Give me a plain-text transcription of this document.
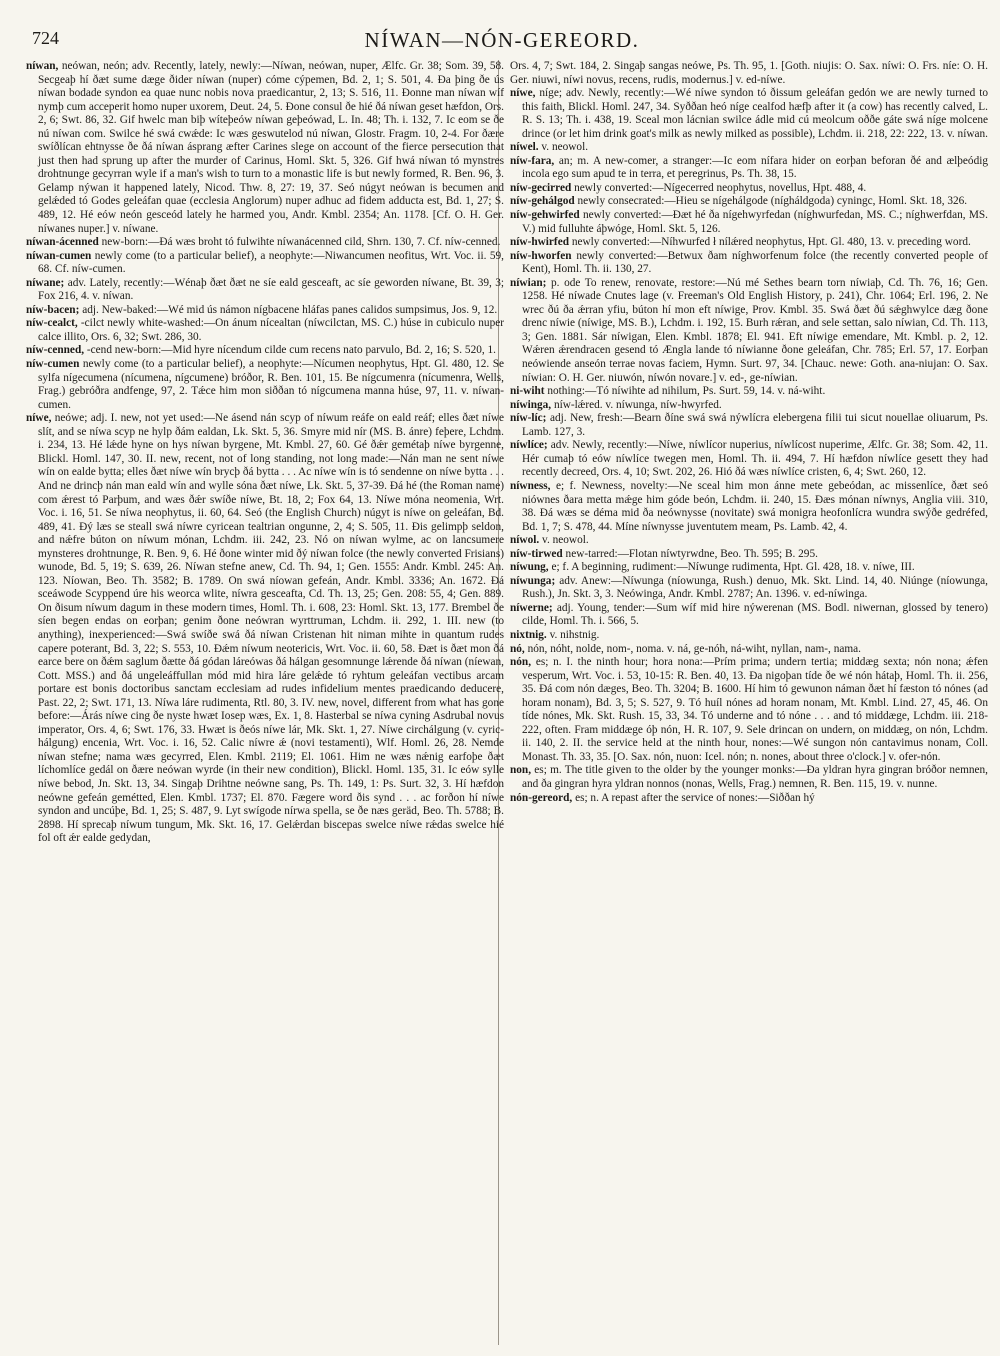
724	NÍWAN—NÓN-GEREORD.

níwan, neówan, neón; adv. Recently, lately, newly:—Níwan, neówan, nuper, Ælfc. Gr. 38; Som. 39, 58. Secgeaþ hí ðæt sume dæge ðider níwan (nuper) cóme cýpemen, Bd. 2, 1; S. 501, 4. Ða þing ðe ús níwan bodade syndon ea quae nunc nobis nova praedicantur, 2, 13; S. 516, 11. Ðonne man níwan wíf nymþ cum acceperit homo nuper uxorem, Deut. 24, 5. Ðone consul ðe hié ðá níwan geset hæfdon, Ors. 2, 6; Swt. 86, 32. Gif hwelc man biþ wíteþeów níwan geþeówad, L. In. 48; Th. i. 132, 7. Ic eom se ðe nú níwan com. Swilce hé swá cwǽde: Ic wæs geswutelod nú níwan, Glostr. Fragm. 10, 2-4. For ðære swíðlícan ehtnysse ðe ðá níwan ásprang æfter Carines slege on account of the fierce persecution that just then had sprung up after the murder of Carinus, Homl. Skt. 5, 326. Gif hwá níwan tó mynstres drohtnunge gecyrran wyle if a man's wish to turn to a monastic life is but newly formed, R. Ben. 96, 3. Gelamp nýwan it happened lately, Nicod. Thw. 8, 27: 19, 37. Seó núgyt neówan is becumen and gelǽded tó Godes geleáfan quae (ecclesia Anglorum) nuper adhuc ad fidem adducta est, Bd. 1, 27; S. 489, 12. Hé eów neón gesceód lately he harmed you, Andr. Kmbl. 2354; An. 1178. [Cf. O. H. Ger. níwanes nuper.] v. níwane.

níwan-ácenned new-born:—Ðá wæs broht tó fulwihte níwanácenned cild, Shrn. 130, 7. Cf. níw-cenned.

níwan-cumen newly come (to a particular belief), a neophyte:—Niwancumen neofitus, Wrt. Voc. ii. 59, 68. Cf. níw-cumen.

níwane; adv. Lately, recently:—Wénaþ ðæt ðæt ne síe eald gesceaft, ac síe geworden níwane, Bt. 39, 3; Fox 216, 4. v. níwan.

níw-bacen; adj. New-baked:—Wé mid ús námon nígbacene hláfas panes calidos sumpsimus, Jos. 9, 12.

níw-cealct, -cilct newly white-washed:—On ánum nícealtan (níwcilctan, MS. C.) húse in cubiculo nuper calce illito, Ors. 6, 32; Swt. 286, 30.

níw-cenned, -cend new-born:—Mid hyre nícendum cilde cum recens nato parvulo, Bd. 2, 16; S. 520, 1.

níw-cumen newly come (to a particular belief), a neophyte:—Nícumen neophytus, Hpt. Gl. 480, 12. Se sylfa nígecumena (nícumena, nígcumene) bróðor, R. Ben. 101, 15. Be nígcumenra (nícumenra, Wells, Frag.) gebróðra andfenge, 97, 2. Tǽce him mon siððan tó nígcumena manna húse, 97, 11. v. níwan-cumen.

níwe, neówe; adj. I. new, not yet used:—Ne ásend nán scyp of níwum reáfe on eald reáf; elles ðæt níwe slít, and se níwa scyp ne hylp ðám ealdan, Lk. Skt. 5, 36. Smyre mid nír (MS. B. ánre) feþere, Lchdm. i. 234, 13. Hé lǽde hyne on hys níwan byrgene, Mt. Kmbl. 27, 60. Gé ðǽr gemétaþ níwe byrgenne, Blickl. Homl. 147, 30. II. new, recent, not of long standing, not long made:—Nán man ne sent níwe wín on ealde bytta; elles ðæt níwe wín brycþ ðá bytta . . . Ac níwe wín is tó sendenne on níwe bytta . . . And ne drincþ nán man eald wín and wylle sóna ðæt níwe, Lk. Skt. 5, 37-39. Ðá hé (the Roman name) com ǽrest tó Parþum, and wæs ðǽr swíðe níwe, Bt. 18, 2; Fox 64, 13. Níwe móna neomenia, Wrt. Voc. i. 16, 51. Se níwa neophytus, ii. 60, 64. Seó (the English Church) núgyt is níwe on geleáfan, Bd. 489, 41. Ðý læs se steall swá níwre cyricean tealtrian ongunne, 2, 4; S. 505, 11. Ðis gelimpþ seldon, and nǽfre búton on níwum mónan, Lchdm. iii. 242, 23. Nó on níwan wylme, ac on lancsumere mynsteres drohtnunge, R. Ben. 9, 6. Hé ðone winter mid ðý níwan folce (the newly converted Frisians) wunode, Bd. 5, 19; S. 639, 26. Níwan stefne anew, Cd. Th. 94, 1; Gen. 1555: Andr. Kmbl. 245: An. 123. Níowan, Beo. Th. 3582; B. 1789. On swá níowan gefeán, Andr. Kmbl. 3336; An. 1672. Ðá sceáwode Scyppend úre his weorca wlite, níwra gesceafta, Cd. Th. 13, 25; Gen. 208: 55, 4; Gen. 889. On ðisum níwum dagum in these modern times, Homl. Th. i. 608, 23: Homl. Skt. 13, 177. Brembel ðe síen begen endas on eorþan; genim ðone neówran wyrttruman, Lchdm. ii. 292, 1. III. new (to anything), inexperienced:—Swá swíðe swá ðá níwan Cristenan hit niman mihte in quantum rudes capere poterant, Bd. 3, 22; S. 553, 10. Ðǽm níwum neotericis, Wrt. Voc. ii. 60, 58. Ðæt is ðæt mon ðá earce bere on ðǽm saglum ðætte ðá gódan láreówas ðá hálgan gesomnunge lǽrende ðá níwan (níewan, Cott. MSS.) and ðá ungeleáffullan mód mid hira láre gelǽde tó ryhtum geleáfan vectibus arcam portare est bonis doctoribus sanctam ecclesiam ad rudes infidelium mentes praedicando deducere, Past. 22, 2; Swt. 171, 13. Níwa láre rudimenta, Rtl. 80, 3. IV. new, novel, different from what has gone before:—Árás níwe cing ðe nyste hwæt Iosep wæs, Ex. 1, 8. Hasterbal se níwa cyning Asdrubal novus imperator, Ors. 4, 6; Swt. 176, 33. Hwæt is ðeós níwe lár, Mk. Skt. 1, 27. Níwe circhálgung (v. cyric-hálgung) encenia, Wrt. Voc. i. 16, 52. Calic níwre ǽ (novi testamenti), Wlf. Homl. 26, 28. Nemde níwan stefne; nama wæs gecyrred, Elen. Kmbl. 2119; El. 1061. Him ne wæs nǽnig earfoþe ðæt líchomlíce gedál on ðære neówan wyrde (in their new condition), Blickl. Homl. 135, 31. Ic eów sylle níwe bebod, Jn. Skt. 13, 34. Singaþ Drihtne neówne sang, Ps. Th. 149, 1: Ps. Surt. 32, 3. Hí hæfdon neówne gefeán gemétted, Elen. Kmbl. 1737; El. 870. Fægere word ðis synd . . . ac forðon hí níwe syndon and uncúþe, Bd. 1, 25; S. 487, 9. Lyt swígode nírwa spella, se ðe næs geräd, Beo. Th. 5788; B. 2898. Hí sprecaþ níwum tungum, Mk. Skt. 16, 17. Gelǽrdan biscepas swelce níwe rǽdas swelce hié fol oft ǽr ealde gedydan,

Ors. 4, 7; Swt. 184, 2. Singaþ sangas neówe, Ps. Th. 95, 1. [Goth. niujis: O. Sax. níwi: O. Frs. níe: O. H. Ger. niuwi, níwi novus, recens, rudis, modernus.] v. ed-níwe.

níwe, níge; adv. Newly, recently:—Wé níwe syndon tó ðissum geleáfan gedón we are newly turned to this faith, Blickl. Homl. 247, 34. Syððan heó níge cealfod hæfþ after it (a cow) has recently calved, L. R. S. 13; Th. i. 438, 19. Sceal mon lácnian swilce ádle mid cú meolcum oððe gáte swá níge molcene drince (or let him drink goat's milk as newly milked as possible), Lchdm. ii. 218, 22: 222, 13. v. níwan.

níwel. v. neowol.

níw-fara, an; m. A new-comer, a stranger:—Ic eom nífara hider on eorþan beforan ðé and ælþeódig incola ego sum apud te in terra, et peregrinus, Ps. Th. 38, 15.

níw-gecirred newly converted:—Nígecerred neophytus, novellus, Hpt. 488, 4.

níw-gehálgod newly consecrated:—Hieu se nígehálgode (nígháldgoda) cyningc, Homl. Skt. 18, 326.

níw-gehwirfed newly converted:—Ðæt hé ða nígehwyrfedan (níghwurfedan, MS. C.; níghwerfdan, MS. V.) mid fulluhte áþwóge, Homl. Skt. 5, 126.

níw-hwirfed newly converted:—Níhwurfed ł nílǽred neophytus, Hpt. Gl. 480, 13. v. preceding word.

níw-hworfen newly converted:—Betwux ðam níghworfenum folce (the recently converted people of Kent), Homl. Th. ii. 130, 27.

níwian; p. ode To renew, renovate, restore:—Nú mé Sethes bearn torn níwiaþ, Cd. Th. 76, 16; Gen. 1258. Hé níwade Cnutes lage (v. Freeman's Old English History, p. 241), Chr. 1064; Erl. 196, 2. Ne wrec ðú ða ǽrran yfiu, búton hí mon eft níwige, Prov. Kmbl. 35. Swá ðæt ðú sǽghwylce dæg ðone drenc níwie (níwige, MS. B.), Lchdm. i. 192, 15. Burh rǽran, and sele settan, salo níwian, Cd. Th. 113, 3; Gen. 1881. Sár níwigan, Elen. Kmbl. 1878; El. 941. Eft níwige emendare, Mt. Kmbl. p. 2, 12. Wǽren ǽrendracen gesend tó Ængla lande tó níwianne ðone geleáfan, Chr. 785; Erl. 57, 17. Eorþan neówiende anseón terrae novas faciem, Hymn. Surt. 97, 34. [Chauc. newe: Goth. ana-niujan: O. Sax. níwian: O. H. Ger. niuwón, níwón novare.] v. ed-, ge-níwian.

ni-wiht nothing:—Tó níwihte ad nihilum, Ps. Surt. 59, 14. v. ná-wiht.

níwinga, níw-lǽred. v. níwunga, níw-hwyrfed.

níw-líc; adj. New, fresh:—Bearn ðíne swá swá nýwlícra elebergena filii tui sicut nouellae oliuarum, Ps. Lamb. 127, 3.

níwlíce; adv. Newly, recently:—Níwe, níwlícor nuperius, níwlícost nuperime, Ælfc. Gr. 38; Som. 42, 11. Hér cumaþ tó eów níwlíce twegen men, Homl. Th. ii. 494, 7. Hí hæfdon níwlíce gesett they had recently decreed, Ors. 4, 10; Swt. 202, 26. Hió ðá wæs níwlíce cristen, 6, 4; Swt. 260, 12.

níwness, e; f. Newness, novelty:—Ne sceal him mon ánne mete gebeódan, ac missenlíce, ðæt seó niównes ðara metta mǽge him góde beón, Lchdm. ii. 240, 15. Ðæs mónan níwnys, Anglia viii. 310, 38. Ðá wæs se déma mid ða neównysse (novitate) swá monigra heofonlícra wundra swýðe gedréfed, Bd. 1, 7; S. 478, 44. Míne níwnysse juventutem meam, Ps. Lamb. 42, 4.

níwol. v. neowol.

níw-tirwed new-tarred:—Flotan níwtyrwdne, Beo. Th. 595; B. 295.

níwung, e; f. A beginning, rudiment:—Níwunge rudimenta, Hpt. Gl. 428, 18. v. níwe, III.

níwunga; adv. Anew:—Níwunga (níowunga, Rush.) denuo, Mk. Skt. Lind. 14, 40. Niúnge (níowunga, Rush.), Jn. Skt. 3, 3. Neówinga, Andr. Kmbl. 2787; An. 1396. v. ed-níwinga.

níwerne; adj. Young, tender:—Sum wíf mid hire nýwerenan (MS. Bodl. niwernan, glossed by tenero) cilde, Homl. Th. i. 566, 5.

nixtnig. v. nihstnig.

nó, nón, nóht, nolde, nom-, noma. v. ná, ge-nóh, ná-wiht, nyllan, nam-, nama.

nón, es; n. I. the ninth hour; hora nona:—Prím prima; undern tertia; middæg sexta; nón nona; ǽfen vesperum, Wrt. Voc. i. 53, 10-15: R. Ben. 40, 13. Ða nigoþan tíde ðe wé nón hátaþ, Homl. Th. ii. 256, 35. Ðá com nón dæges, Beo. Th. 3204; B. 1600. Hí him tó gewunon náman ðæt hí fæston tó nónes (ad horam nonam), Bd. 3, 5; S. 527, 9. Tó huíl nónes ad horam nonam, Mt. Kmbl. Lind. 27, 45, 46. On tíde nónes, Mk. Skt. Rush. 15, 33, 34. Tó underne and tó nóne . . . and tó middæge, Lchdm. iii. 218-222, often. Fram middæge óþ nón, H. R. 107, 9. Sele drincan on undern, on middæg, on nón, Lchdm. ii. 140, 2. II. the service held at the ninth hour, nones:—Wé sungon nón cantavimus nonam, Coll. Monast. Th. 33, 35. [O. Sax. nón, nuon: Icel. nón; n. nones, about three o'clock.] v. ofer-nón.

non, es; m. The title given to the older by the younger monks:—Ða yldran hyra gingran bróðor nemnen, and ða gingran hyra yldran nonnos (nonas, Wells, Frag.) nemnen, R. Ben. 115, 19. v. nunne.

nón-gereord, es; n. A repast after the service of nones:—Siððan hý
